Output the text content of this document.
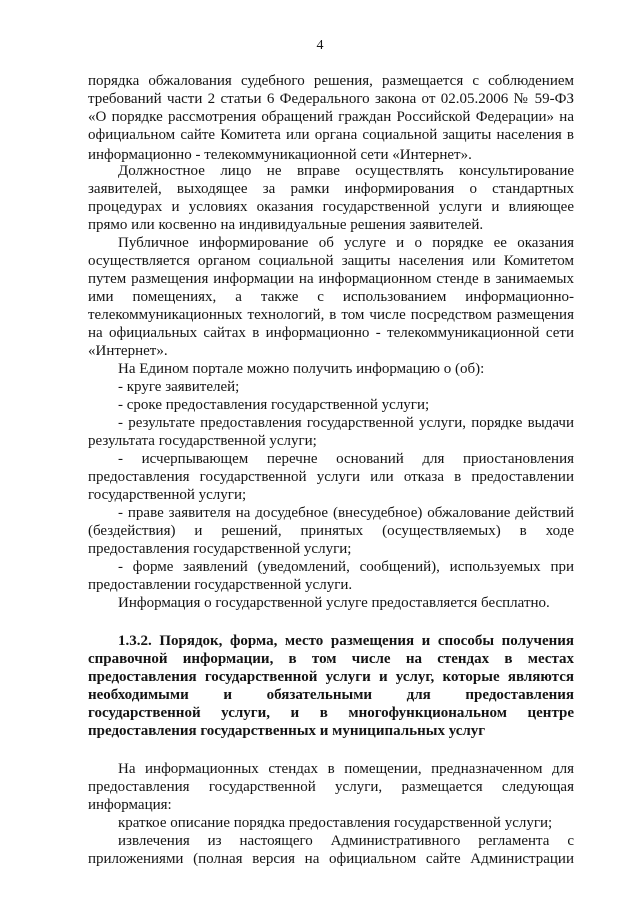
4
порядка обжалования судебного решения, размещается с соблюдением
требований части 2 статьи 6 Федерального закона от 02.05.2006 № 59-ФЗ
«О порядке рассмотрения обращений граждан Российской Федерации» на
официальном сайте Комитета или органа социальной защиты населения в
информационно - телекоммуникационной сети «Интернет».
Должностное лицо не вправе осуществлять консультирование
заявителей, выходящее за рамки информирования о стандартных
процедурах и условиях оказания государственной услуги и влияющее
прямо или косвенно на индивидуальные решения заявителей.
Публичное информирование об услуге и о порядке ее оказания
осуществляется органом социальной защиты населения или Комитетом
путем размещения информации на информационном стенде в занимаемых
ими помещениях, а также с использованием информационно-
телекоммуникационных технологий, в том числе посредством размещения
на официальных сайтах в информационно - телекоммуникационной сети
«Интернет».
На Едином портале можно получить информацию о (об):
- круге заявителей;
- сроке предоставления государственной услуги;
- результате предоставления государственной услуги, порядке выдачи
результата государственной услуги;
- исчерпывающем перечне оснований для приостановления
предоставления государственной услуги или отказа в предоставлении
государственной услуги;
- праве заявителя на досудебное (внесудебное) обжалование действий
(бездействия) и решений, принятых (осуществляемых) в ходе
предоставления государственной услуги;
- форме заявлений (уведомлений, сообщений), используемых при
предоставлении государственной услуги.
Информация о государственной услуге предоставляется бесплатно.
1.3.2. Порядок, форма, место размещения и способы получения
справочной информации, в том числе на стендах в местах
предоставления государственной услуги и услуг, которые являются
необходимыми и обязательными для предоставления
государственной услуги, и в многофункциональном центре
предоставления государственных и муниципальных услуг
На информационных стендах в помещении, предназначенном для
предоставления государственной услуги, размещается следующая
информация:
краткое описание порядка предоставления государственной услуги;
извлечения из настоящего Административного регламента с
приложениями (полная версия на официальном сайте Администрации
